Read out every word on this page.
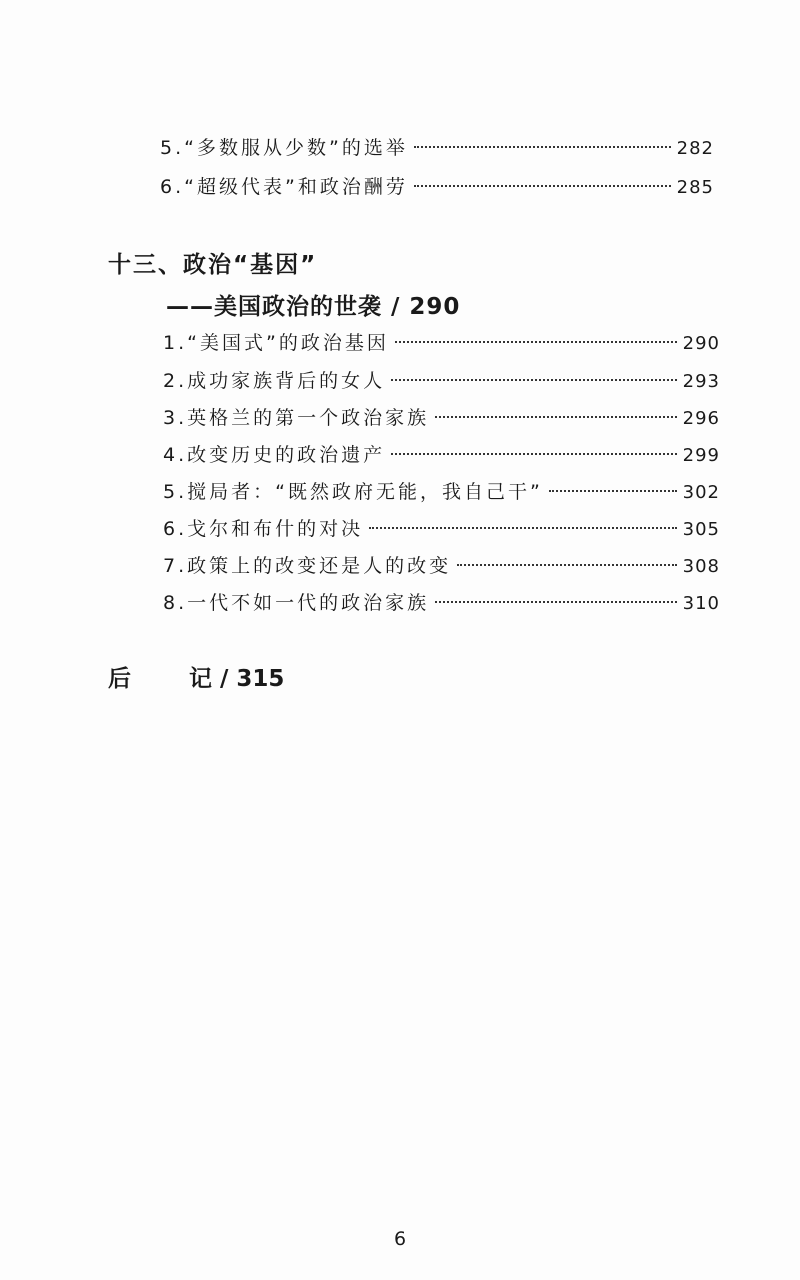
5.“多数服从少数”的选举	282
6.“超级代表”和政治酬劳	285
十三、政治“基因”
——美国政治的世袭 / 290
1.“美国式”的政治基因	290
2.成功家族背后的女人	293
3.英格兰的第一个政治家族	296
4.改变历史的政治遗产	299
5.搅局者：“既然政府无能，我自己干”	302
6.戈尔和布什的对决	305
7.政策上的改变还是人的改变	308
8.一代不如一代的政治家族	310
后	记 / 315
6
